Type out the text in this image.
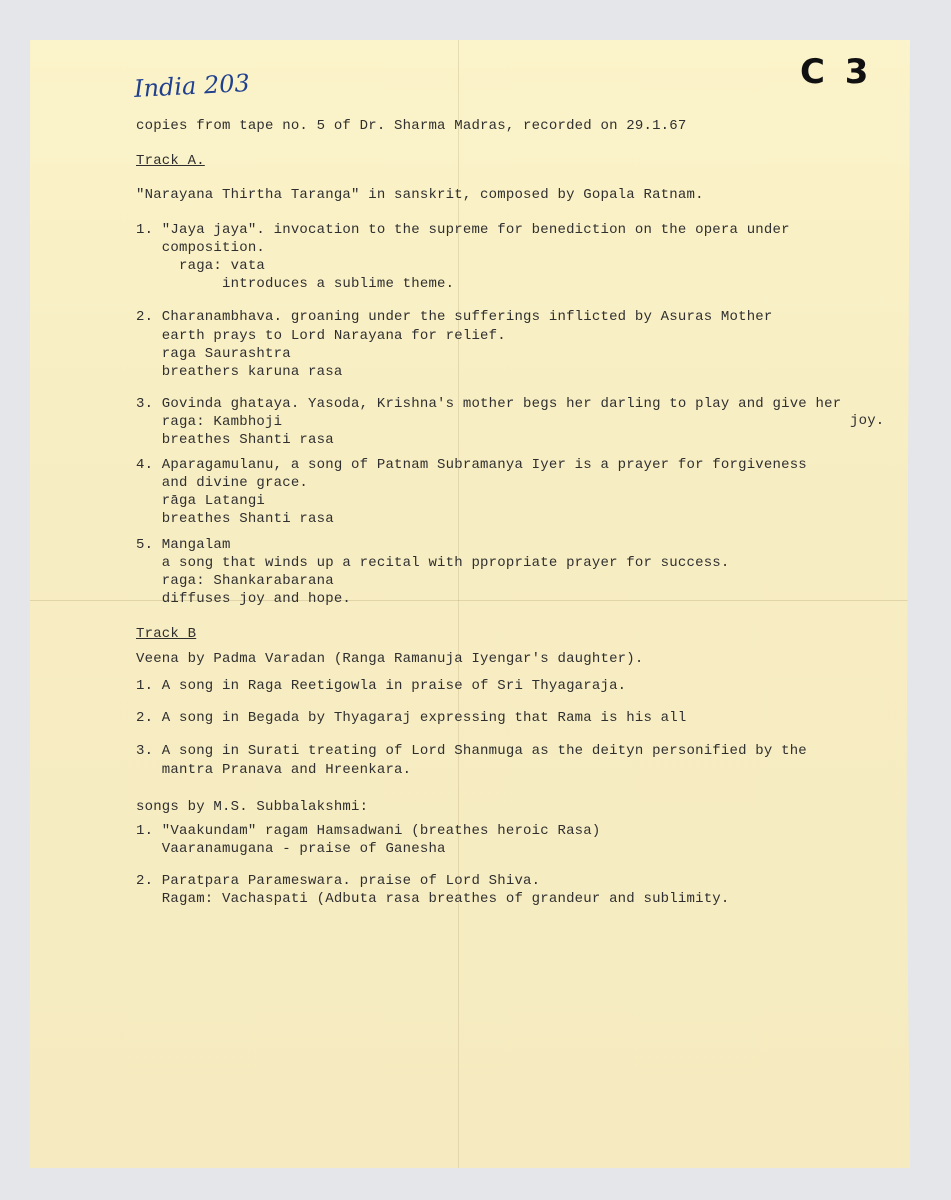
India 203	C 3
copies from tape no. 5 of Dr. Sharma Madras, recorded on 29.1.67
Track A.
"Narayana Thirtha Taranga" in sanskrit, composed by Gopala Ratnam.
1. "Jaya jaya". invocation to the supreme for benediction on the opera under
composition.
raga: vata
introduces a sublime theme.
2. Charanambhava. groaning under the sufferings inflicted by Asuras Mother
earth prays to Lord Narayana for relief.
raga Saurashtra
breathers karuna rasa
3. Govinda ghataya. Yasoda, Krishna's mother begs her darling to play and give her
raga: Kambhoji	joy.
breathes Shanti rasa
4. Aparagamulanu, a song of Patnam Subramanya Iyer is a prayer for forgiveness
and divine grace.
rāga Latangi
breathes Shanti rasa
5. Mangalam
a song that winds up a recital with ppropriate prayer for success.
raga: Shankarabarana
diffuses joy and hope.
Track B
Veena by Padma Varadan (Ranga Ramanuja Iyengar's daughter).
1. A song in Raga Reetigowla in praise of Sri Thyagaraja.
2. A song in Begada by Thyagaraj expressing that Rama is his all
3. A song in Surati treating of Lord Shanmuga as the deityn personified by the
mantra Pranava and Hreenkara.
songs by M.S. Subbalakshmi:
1. "Vaakundam" ragam Hamsadwani (breathes heroic Rasa)
Vaaranamugana - praise of Ganesha
2. Paratpara Parameswara. praise of Lord Shiva.
Ragam: Vachaspati (Adbuta rasa breathes of grandeur and sublimity.
